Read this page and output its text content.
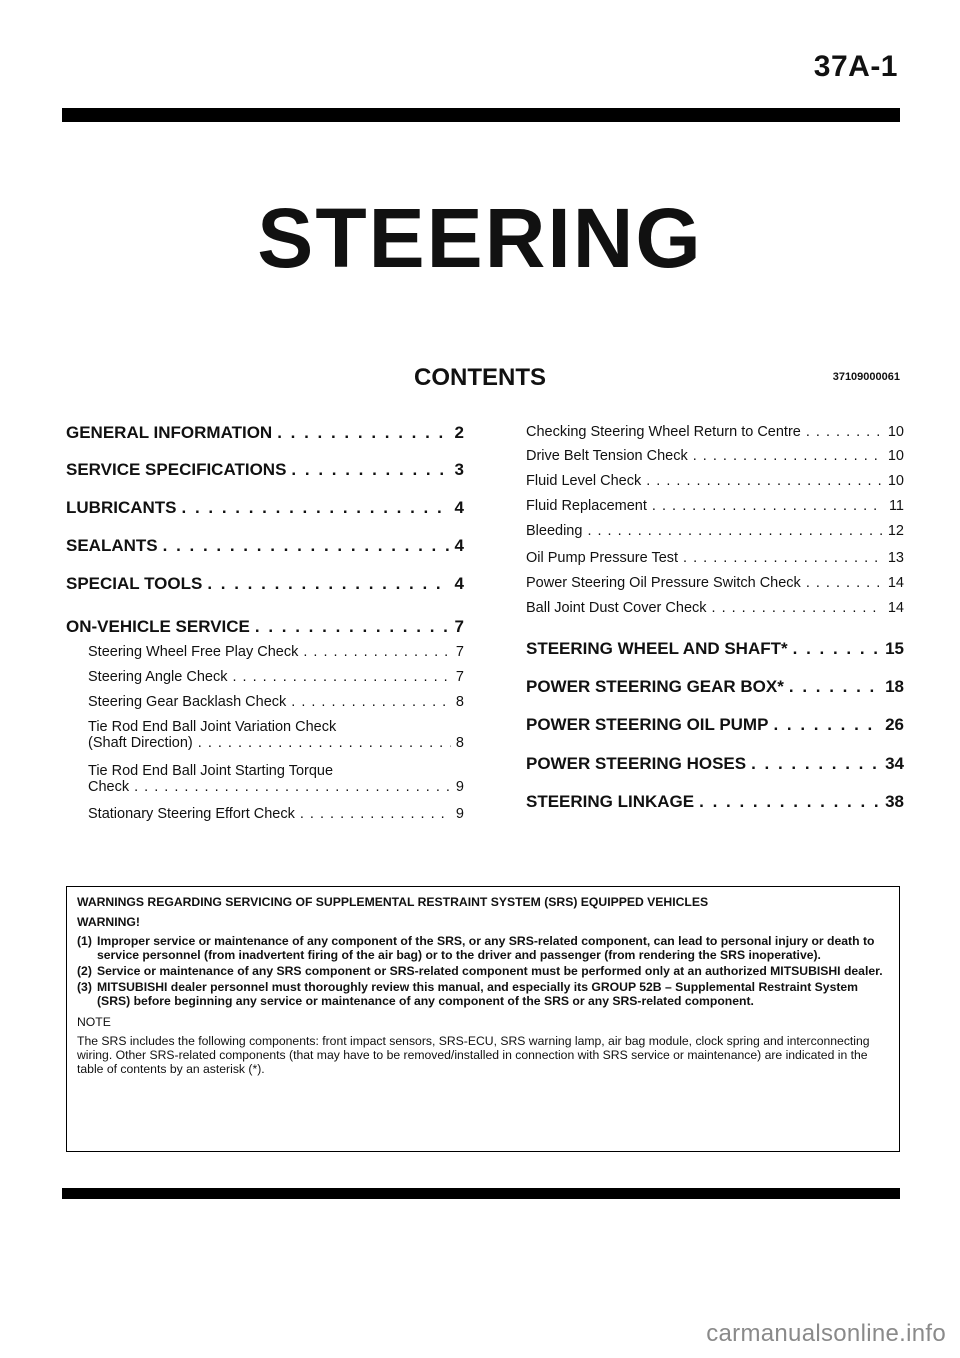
37A-1
STEERING
CONTENTS	37109000061
GENERAL INFORMATION . . .	2
SERVICE SPECIFICATIONS . . .	3
LUBRICANTS . . .	4
SEALANTS . . .	4
SPECIAL TOOLS . . .	4
ON-VEHICLE SERVICE . . .	7
Steering Wheel Free Play Check . . .	7
Steering Angle Check . . .	7
Steering Gear Backlash Check . . .	8
Tie Rod End Ball Joint Variation Check
(Shaft Direction) . . .	8
Tie Rod End Ball Joint Starting Torque
Check . . .	9
Stationary Steering Effort Check . . .	9
Checking Steering Wheel Return to Centre . . .	10
Drive Belt Tension Check . . .	10
Fluid Level Check . . .	10
Fluid Replacement . . .	11
Bleeding . . .	12
Oil Pump Pressure Test . . .	13
Power Steering Oil Pressure Switch Check . . .	14
Ball Joint Dust Cover Check . . .	14
STEERING WHEEL AND SHAFT* . . .	15
POWER STEERING GEAR BOX* . . .	18
POWER STEERING OIL PUMP . . .	26
POWER STEERING HOSES . . .	34
STEERING LINKAGE . . .	38
WARNINGS REGARDING SERVICING OF SUPPLEMENTAL RESTRAINT SYSTEM (SRS) EQUIPPED VEHICLES
WARNING!
(1) Improper service or maintenance of any component of the SRS, or any SRS-related component, can lead to personal injury or death to service personnel (from inadvertent firing of the air bag) or to the driver and passenger (from rendering the SRS inoperative).
(2) Service or maintenance of any SRS component or SRS-related component must be performed only at an authorized MITSUBISHI dealer.
(3) MITSUBISHI dealer personnel must thoroughly review this manual, and especially its GROUP 52B – Supplemental Restraint System (SRS) before beginning any service or maintenance of any component of the SRS or any SRS-related component.
NOTE
The SRS includes the following components: front impact sensors, SRS-ECU, SRS warning lamp, air bag module, clock spring and interconnecting wiring. Other SRS-related components (that may have to be removed/installed in connection with SRS service or maintenance) are indicated in the table of contents by an asterisk (*).
carmanualsonline.info
